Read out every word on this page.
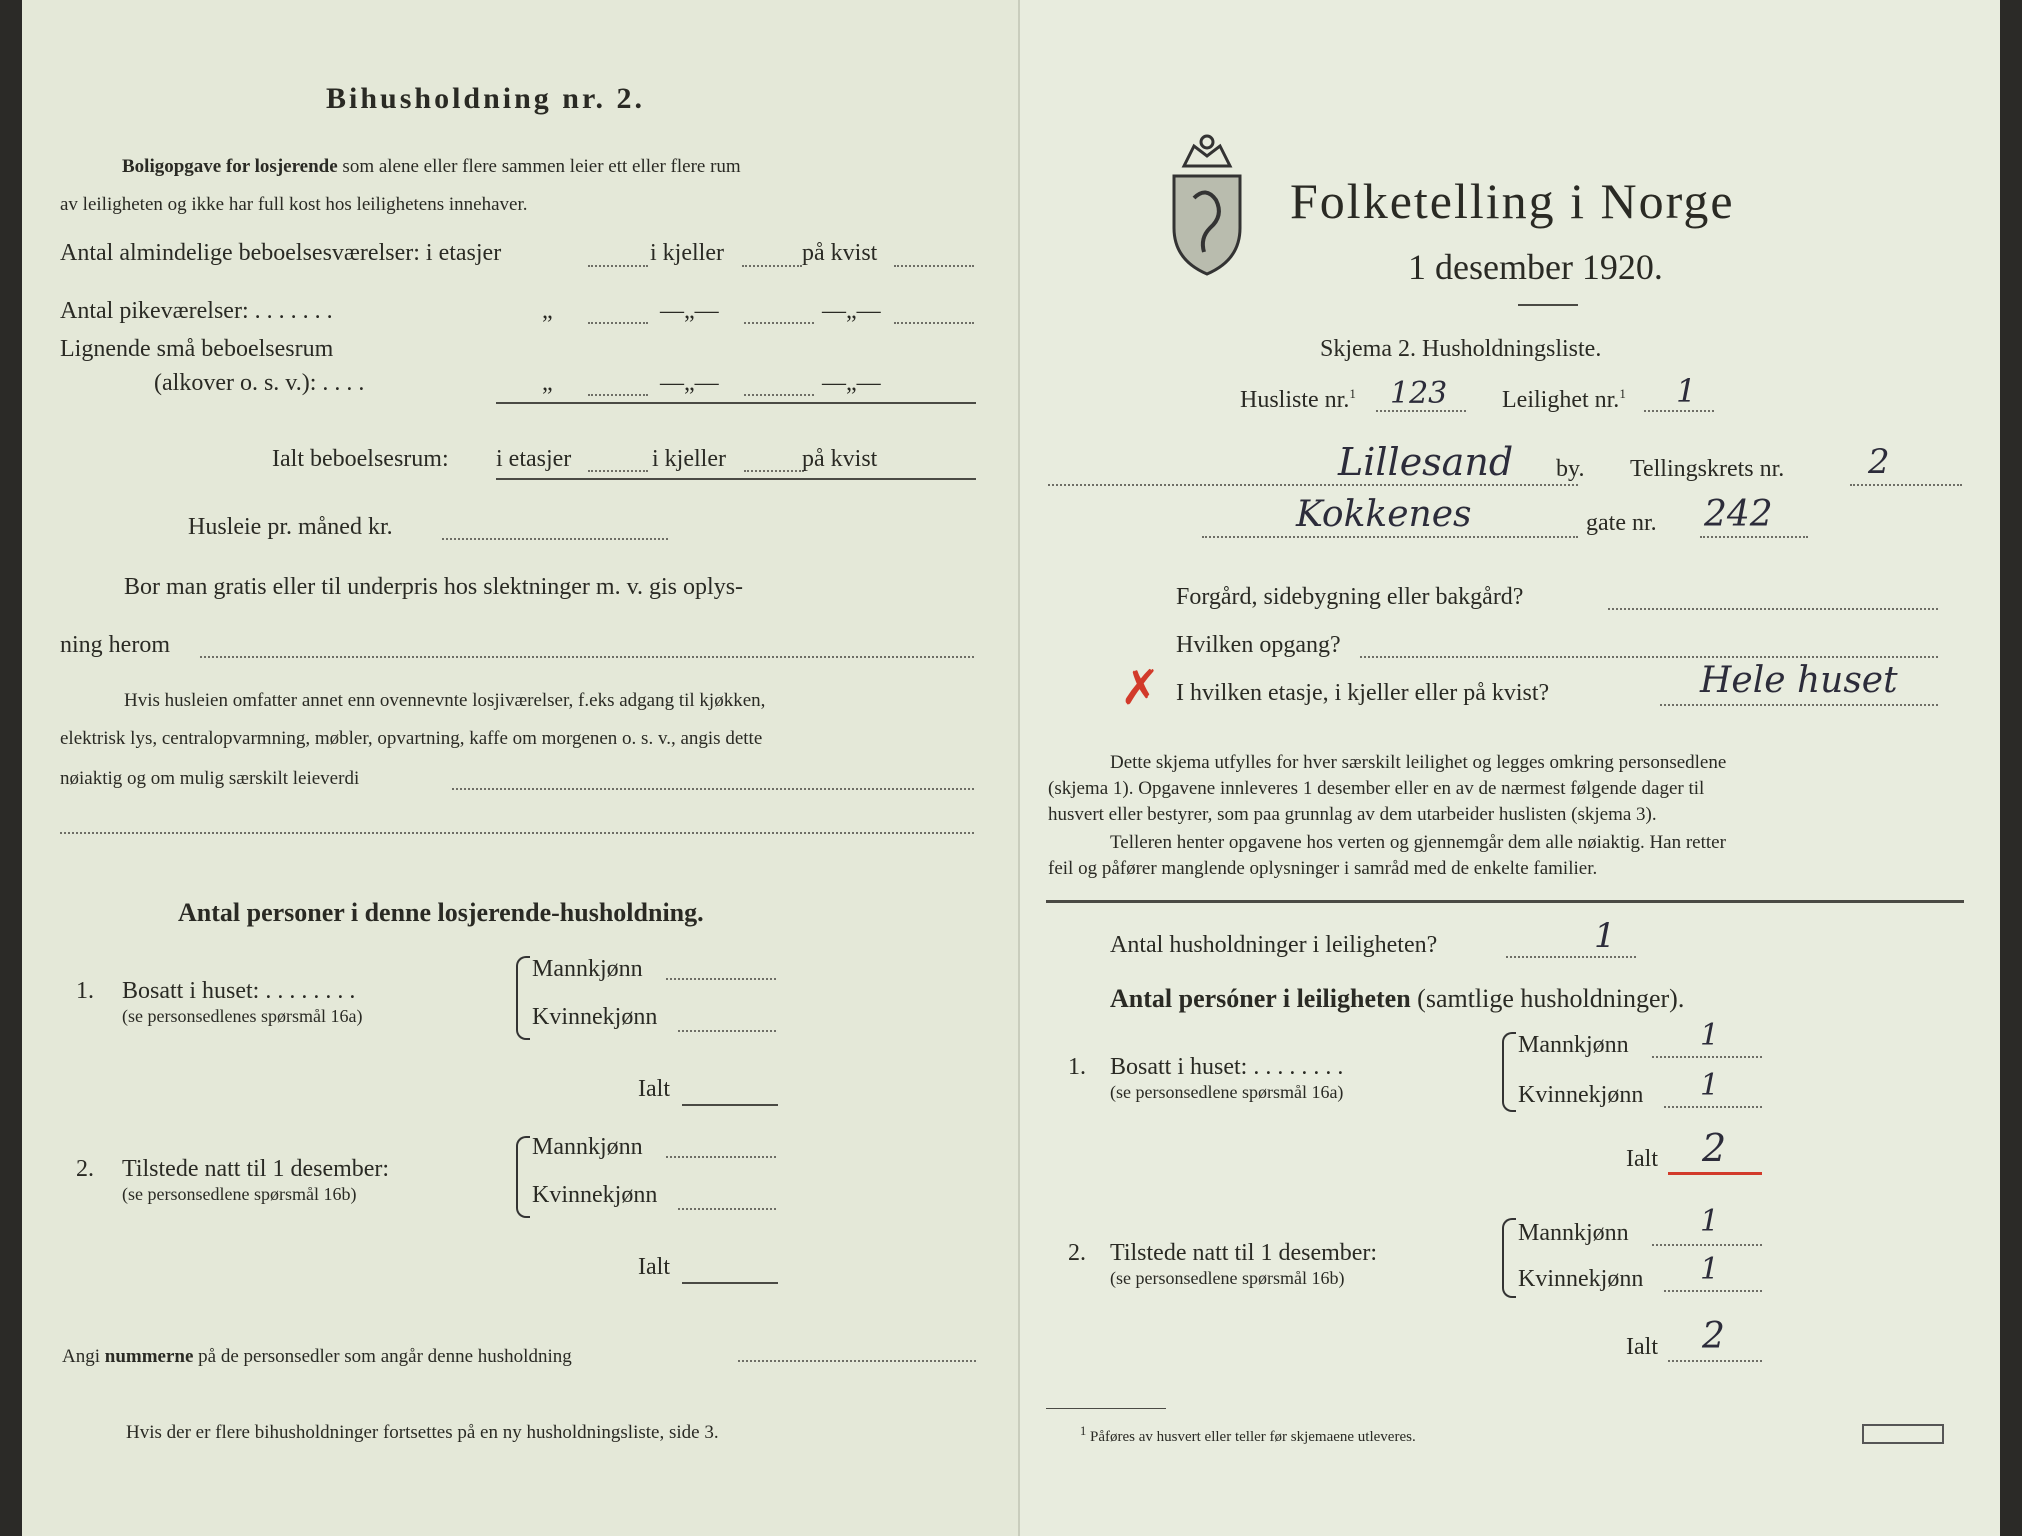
Bihusholdning nr. 2.
Boligopgave for losjerende som alene eller flere sammen leier ett eller flere rum
av leiligheten og ikke har full kost hos leilighetens innehaver.
Antal almindelige beboelsesværelser: i etasjer	i kjeller	på kvist
Antal pikeværelser: . . . . . . .	„	—„—	—„—
Lignende små beboelsesrum
(alkover o. s. v.): . . . .	„	—„—	—„—
Ialt beboelsesrum: i etasjer	i kjeller	på kvist
Husleie pr. måned kr.
Bor man gratis eller til underpris hos slektninger m. v. gis oplys-
ning herom
Hvis husleien omfatter annet enn ovennevnte losjiværelser, f.eks adgang til kjøkken,
elektrisk lys, centralopvarmning, møbler, opvartning, kaffe om morgenen o. s. v., angis dette
nøiaktig og om mulig særskilt leieverdi
Antal personer i denne losjerende-husholdning.
1. Bosatt i huset: . . . . . . . .
(se personsedlenes spørsmål 16a)
Mannkjønn
Kvinnekjønn
Ialt
2. Tilstede natt til 1 desember:
(se personsedlene spørsmål 16b)
Mannkjønn
Kvinnekjønn
Ialt
Angi nummerne på de personsedler som angår denne husholdning
Hvis der er flere bihusholdninger fortsettes på en ny husholdningsliste, side 3.
Folketelling i Norge
1 desember 1920.
Skjema 2. Husholdningsliste.
Husliste nr.$^1$ 123 Leilighet nr.$^1$ 1
Lillesand by. Tellingskrets nr. 2
Kokkenes	gate nr. 242
Forgård, sidebygning eller bakgård?
Hvilken opgang?
✗ I hvilken etasje, i kjeller eller på kvist?	Hele huset
Dette skjema utfylles for hver særskilt leilighet og legges omkring personsedlene
(skjema 1). Opgavene innleveres 1 desember eller en av de nærmest følgende dager til
husvert eller bestyrer, som paa grunnlag av dem utarbeider huslisten (skjema 3).
Telleren henter opgavene hos verten og gjennemgår dem alle nøiaktig. Han retter
feil og påfører manglende oplysninger i samråd med de enkelte familier.
Antal husholdninger i leiligheten?	1
Antal persóner i leiligheten (samtlige husholdninger).
1. Bosatt i huset: . . . . . . . .
(se personsedlene spørsmål 16a)
Mannkjønn 1
Kvinnekjønn 1
Ialt 2
2. Tilstede natt til 1 desember:
(se personsedlene spørsmål 16b)
Mannkjønn 1
Kvinnekjønn 1
Ialt 2
$^1$ Påføres av husvert eller teller før skjemaene utleveres.
